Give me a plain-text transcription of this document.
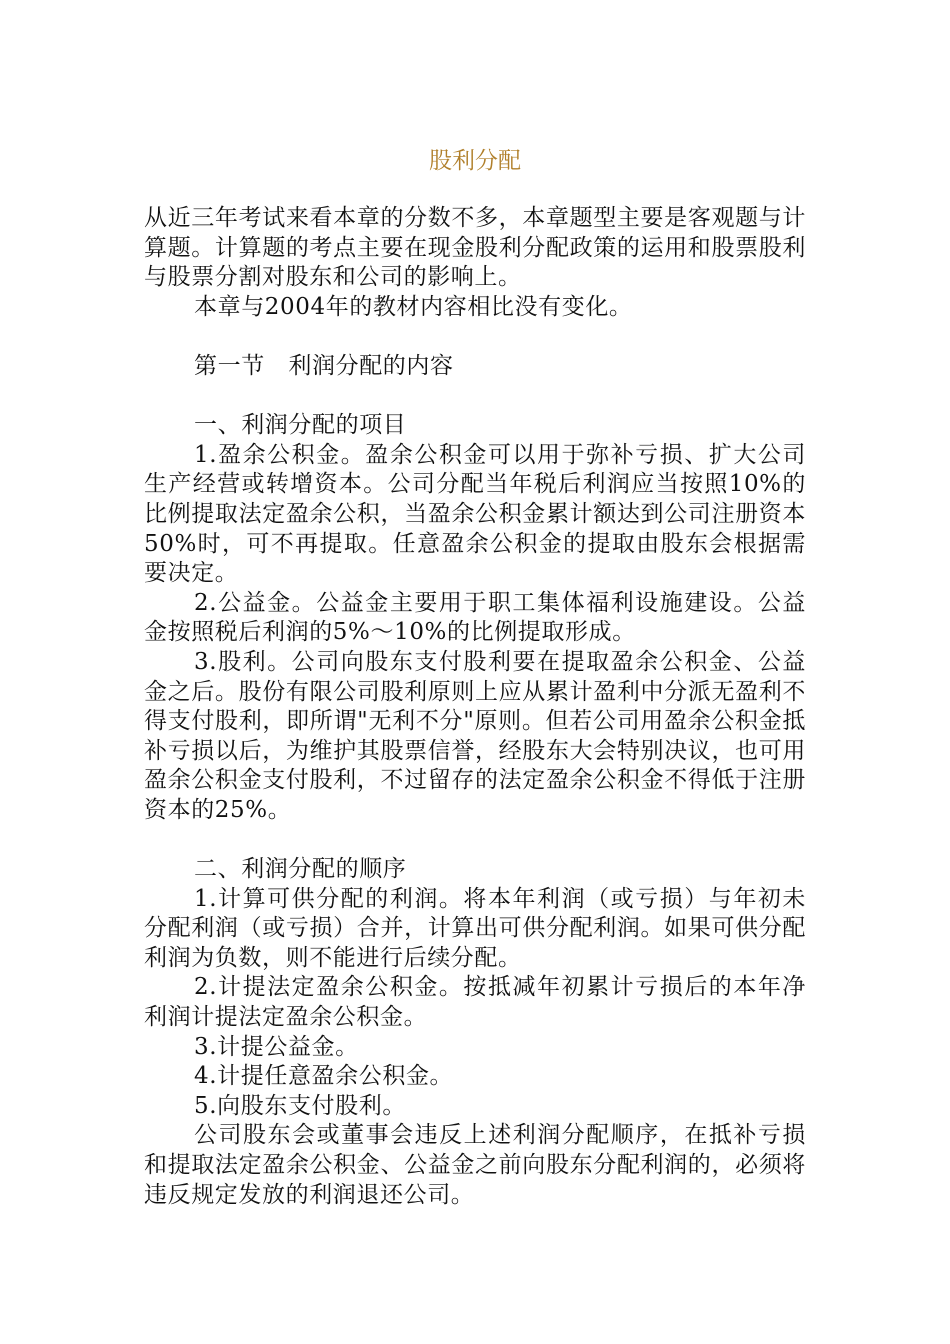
股利分配

从近三年考试来看本章的分数不多，本章题型主要是客观题与计算题。计算题的考点主要在现金股利分配政策的运用和股票股利与股票分割对股东和公司的影响上。

本章与2004年的教材内容相比没有变化。

第一节　利润分配的内容

一、利润分配的项目

1.盈余公积金。盈余公积金可以用于弥补亏损、扩大公司生产经营或转增资本。公司分配当年税后利润应当按照10%的比例提取法定盈余公积，当盈余公积金累计额达到公司注册资本50%时，可不再提取。任意盈余公积金的提取由股东会根据需要决定。

2.公益金。公益金主要用于职工集体福利设施建设。公益金按照税后利润的5%～10%的比例提取形成。

3.股利。公司向股东支付股利要在提取盈余公积金、公益金之后。股份有限公司股利原则上应从累计盈利中分派无盈利不得支付股利，即所谓"无利不分"原则。但若公司用盈余公积金抵补亏损以后，为维护其股票信誉，经股东大会特别决议，也可用盈余公积金支付股利，不过留存的法定盈余公积金不得低于注册资本的25%。

二、利润分配的顺序

1.计算可供分配的利润。将本年利润（或亏损）与年初未分配利润（或亏损）合并，计算出可供分配利润。如果可供分配利润为负数，则不能进行后续分配。

2.计提法定盈余公积金。按抵减年初累计亏损后的本年净利润计提法定盈余公积金。

3.计提公益金。

4.计提任意盈余公积金。

5.向股东支付股利。

公司股东会或董事会违反上述利润分配顺序，在抵补亏损和提取法定盈余公积金、公益金之前向股东分配利润的，必须将违反规定发放的利润退还公司。
